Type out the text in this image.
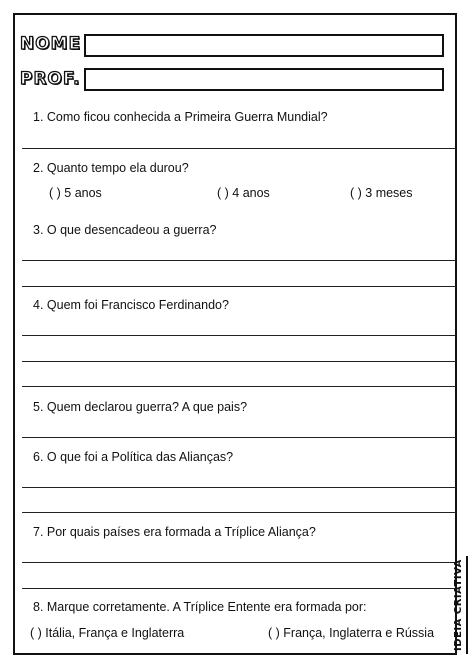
NOME
PROF.
1. Como ficou conhecida a Primeira Guerra Mundial?
2. Quanto tempo ela durou?
( ) 5 anos	( ) 4 anos	( ) 3 meses
3. O que desencadeou a guerra?
4. Quem foi Francisco Ferdinando?
5. Quem declarou guerra? A que pais?
6. O que foi a Política das Alianças?
7. Por quais países era formada a Tríplice Aliança?
8. Marque corretamente. A Tríplice Entente era formada por:
( ) Itália, França e Inglaterra	( ) França, Inglaterra e Rússia	IDEIA CRIATIVA
